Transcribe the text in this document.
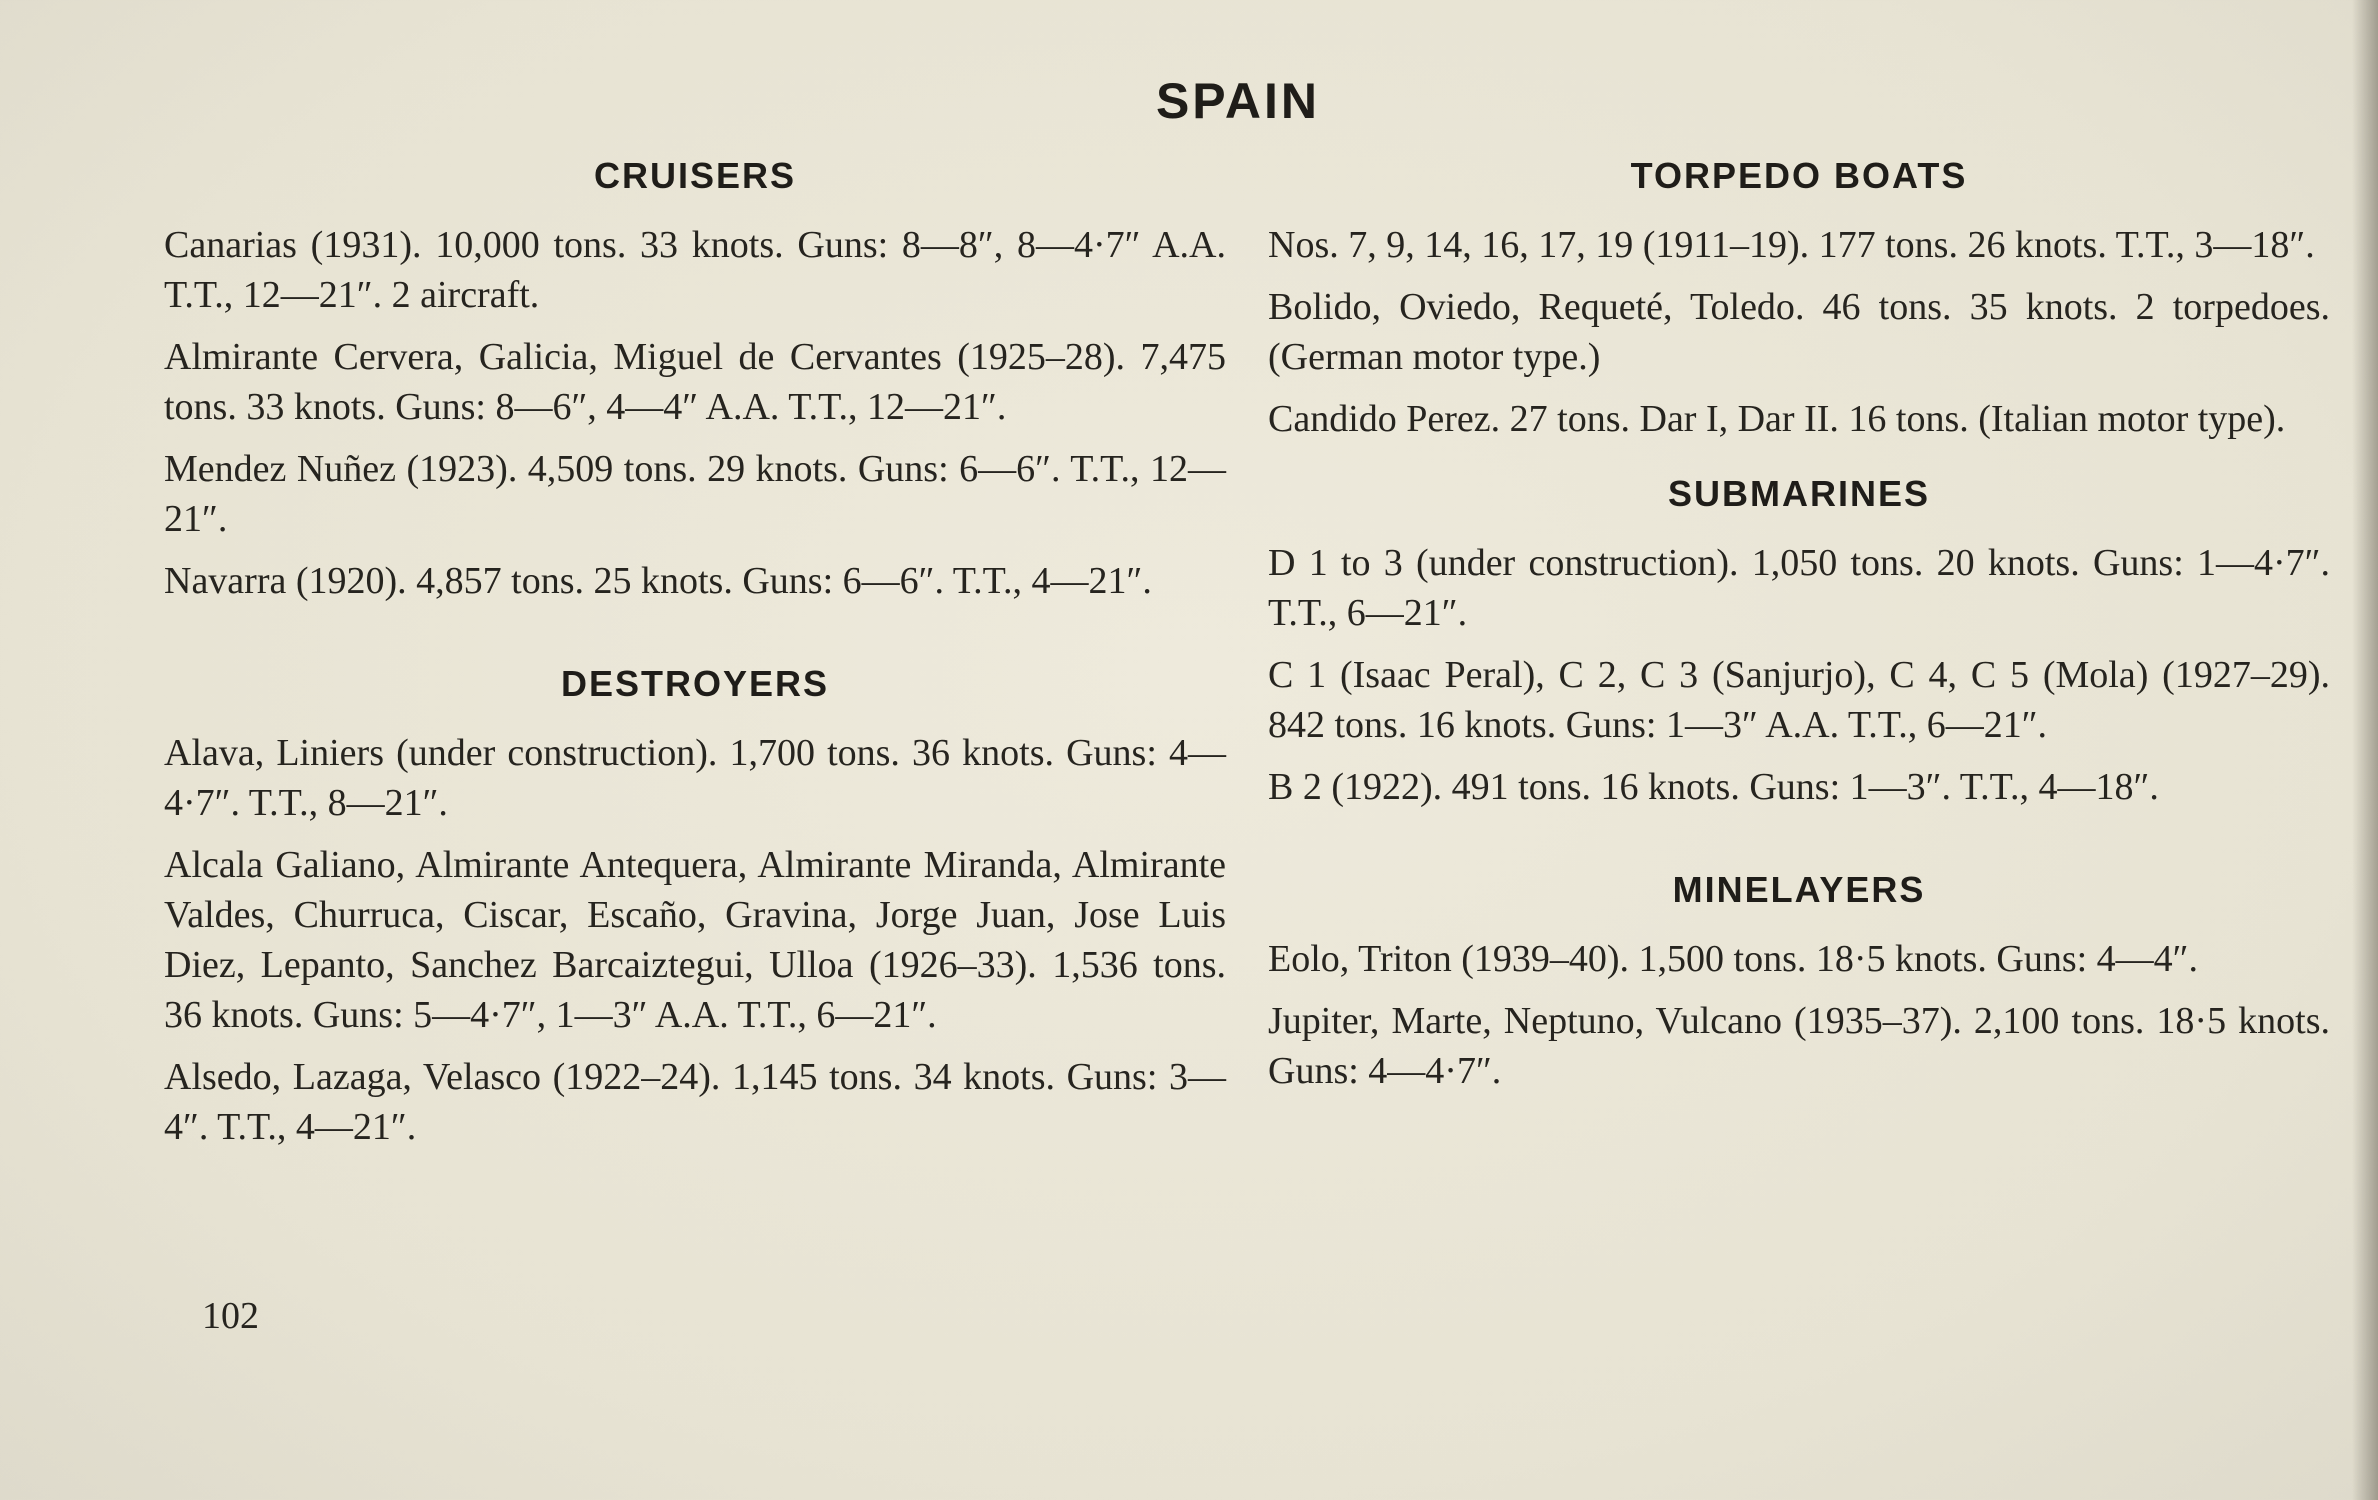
SPAIN
CRUISERS

Canarias (1931). 10,000 tons. 33 knots. Guns: 8—8″, 8—4·7″ A.A. T.T., 12—21″. 2 aircraft.

Almirante Cervera, Galicia, Miguel de Cervantes (1925–28). 7,475 tons. 33 knots. Guns: 8—6″, 4—4″ A.A. T.T., 12—21″.

Mendez Nuñez (1923). 4,509 tons. 29 knots. Guns: 6—6″. T.T., 12—21″.

Navarra (1920). 4,857 tons. 25 knots. Guns: 6—6″. T.T., 4—21″.

DESTROYERS

Alava, Liniers (under construction). 1,700 tons. 36 knots. Guns: 4—4·7″. T.T., 8—21″.

Alcala Galiano, Almirante Antequera, Almirante Miranda, Almirante Valdes, Churruca, Ciscar, Escaño, Gravina, Jorge Juan, Jose Luis Diez, Lepanto, Sanchez Barcaiztegui, Ulloa (1926–33). 1,536 tons. 36 knots. Guns: 5—4·7″, 1—3″ A.A. T.T., 6—21″.

Alsedo, Lazaga, Velasco (1922–24). 1,145 tons. 34 knots. Guns: 3—4″. T.T., 4—21″.

TORPEDO BOATS

Nos. 7, 9, 14, 16, 17, 19 (1911–19). 177 tons. 26 knots. T.T., 3—18″.

Bolido, Oviedo, Requeté, Toledo. 46 tons. 35 knots. 2 torpedoes. (German motor type.)

Candido Perez. 27 tons. Dar I, Dar II. 16 tons. (Italian motor type).

SUBMARINES

D 1 to 3 (under construction). 1,050 tons. 20 knots. Guns: 1—4·7″. T.T., 6—21″.

C 1 (Isaac Peral), C 2, C 3 (Sanjurjo), C 4, C 5 (Mola) (1927–29). 842 tons. 16 knots. Guns: 1—3″ A.A. T.T., 6—21″.

B 2 (1922). 491 tons. 16 knots. Guns: 1—3″. T.T., 4—18″.

MINELAYERS

Eolo, Triton (1939–40). 1,500 tons. 18·5 knots. Guns: 4—4″.

Jupiter, Marte, Neptuno, Vulcano (1935–37). 2,100 tons. 18·5 knots. Guns: 4—4·7″.

102
